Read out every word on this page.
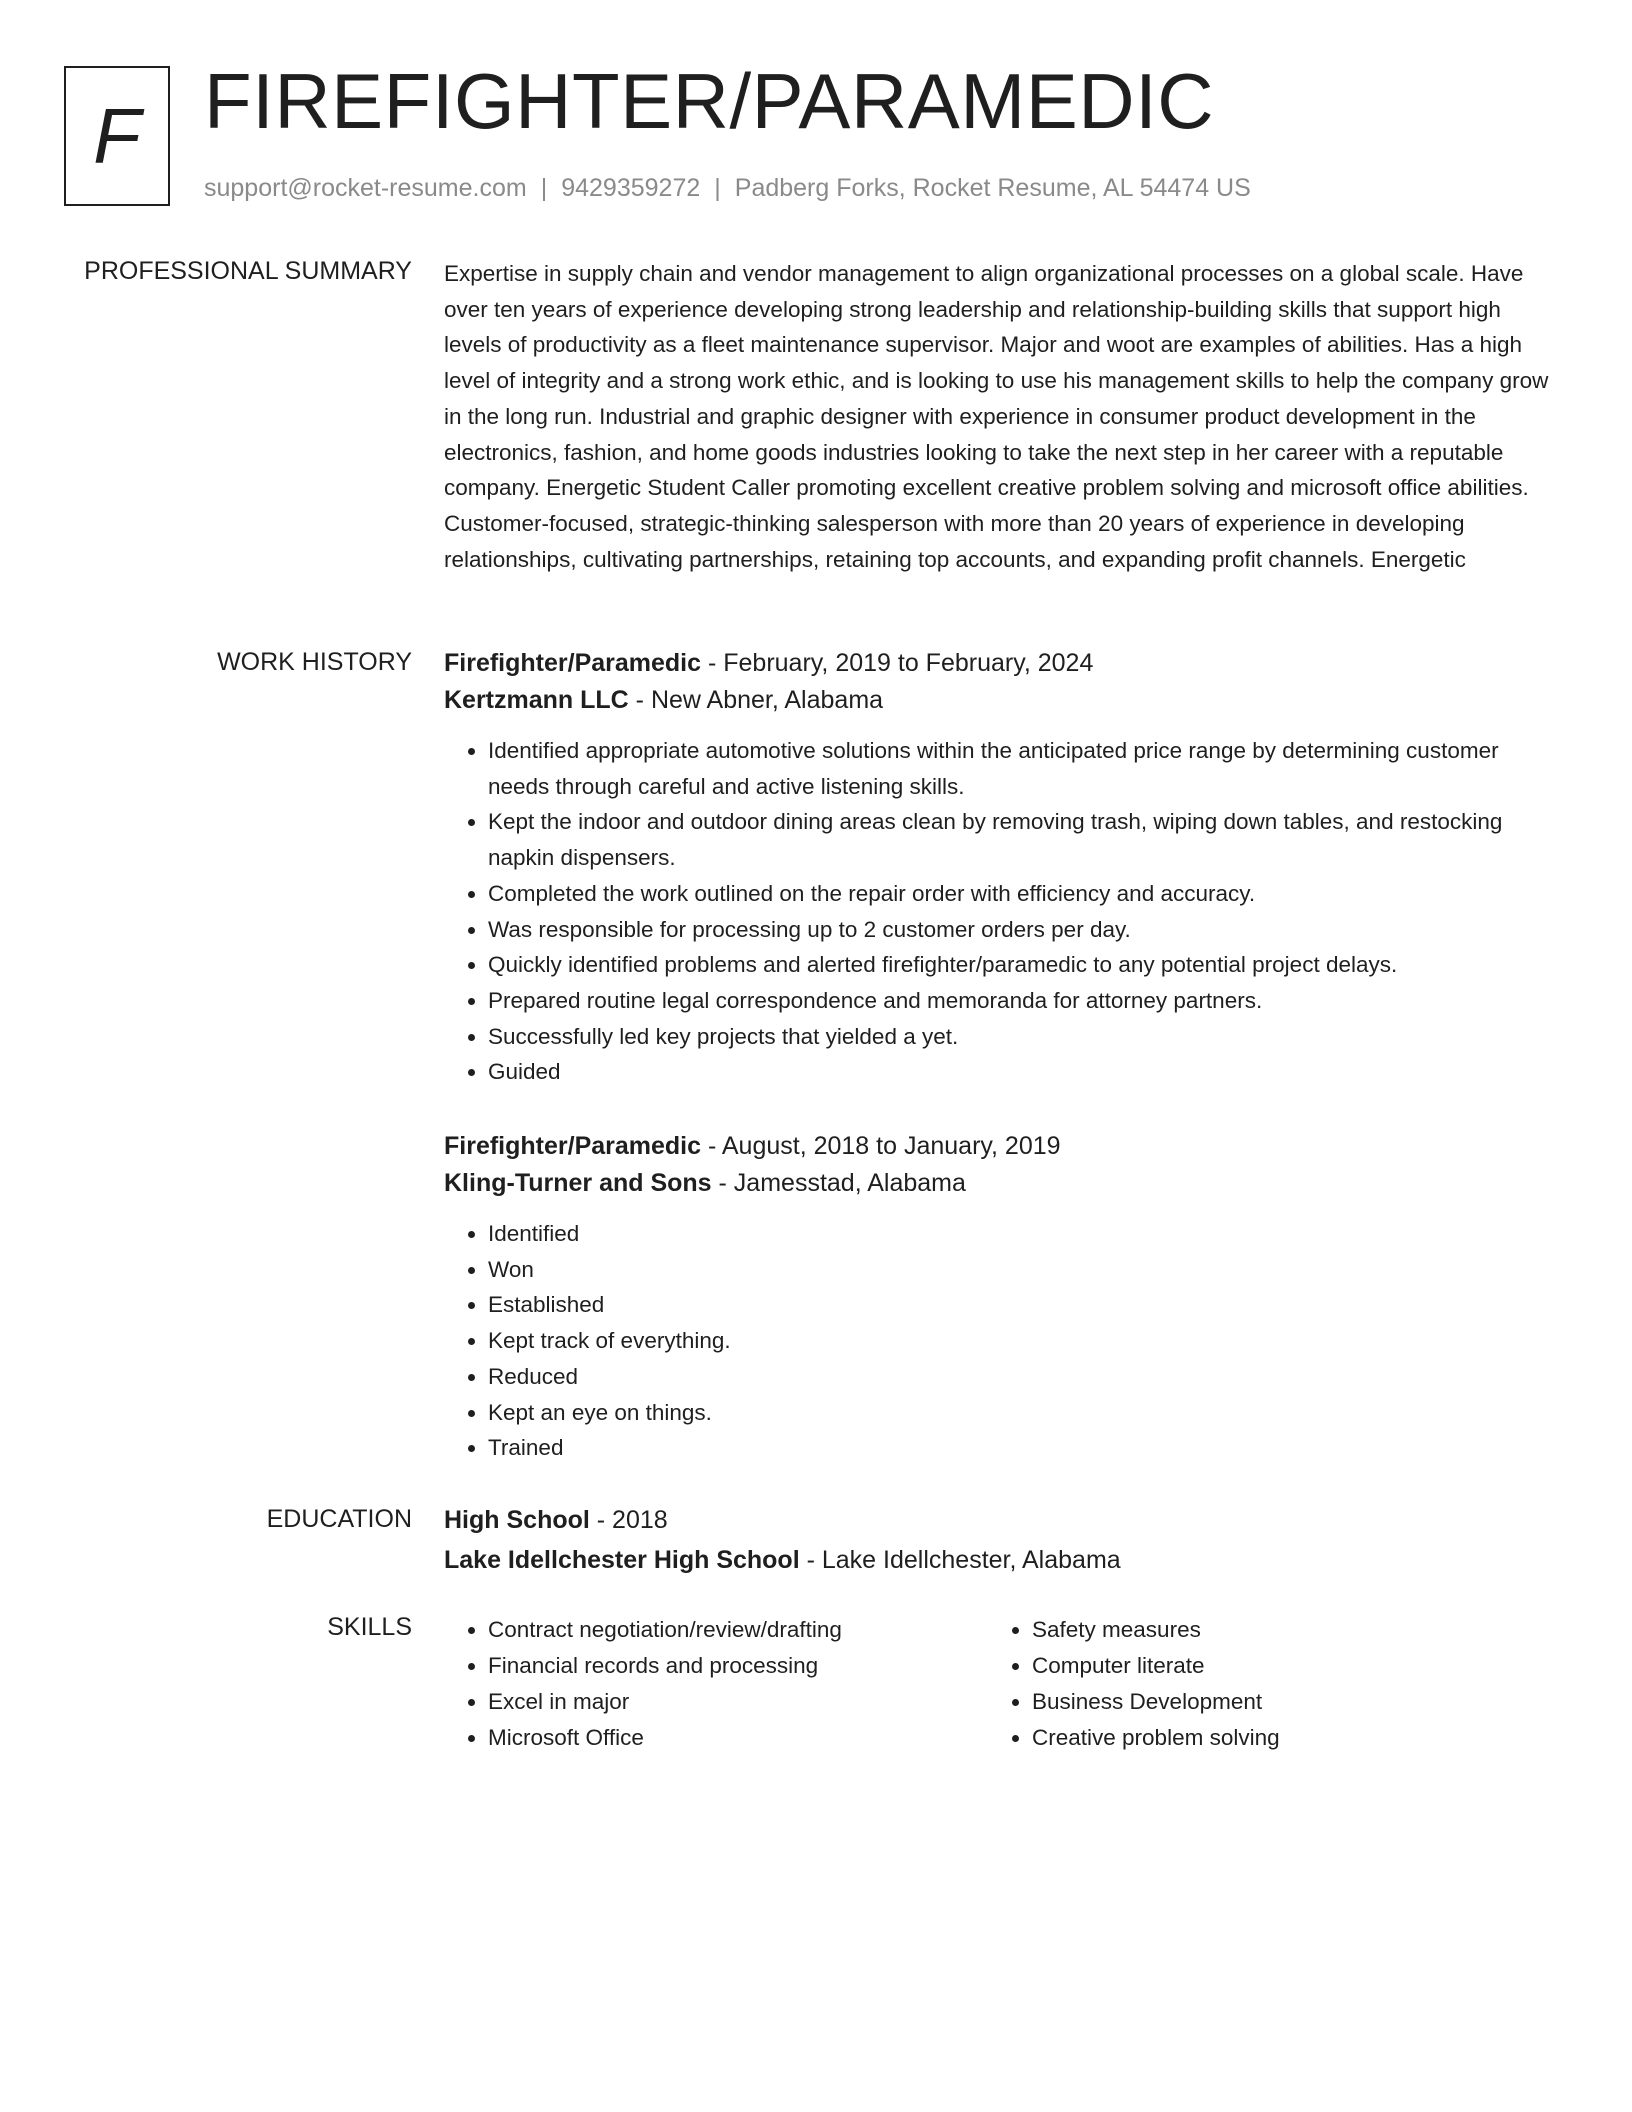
F FIREFIGHTER/PARAMEDIC
support@rocket-resume.com | 9429359272 | Padberg Forks, Rocket Resume, AL 54474 US
PROFESSIONAL SUMMARY Expertise in supply chain and vendor management to align organizational processes on a global scale. Have over ten years of experience developing strong leadership and relationship-building skills that support high levels of productivity as a fleet maintenance supervisor. Major and woot are examples of abilities. Has a high level of integrity and a strong work ethic, and is looking to use his management skills to help the company grow in the long run. Industrial and graphic designer with experience in consumer product development in the electronics, fashion, and home goods industries looking to take the next step in her career with a reputable company. Energetic Student Caller promoting excellent creative problem solving and microsoft office abilities. Customer-focused, strategic-thinking salesperson with more than 20 years of experience in developing relationships, cultivating partnerships, retaining top accounts, and expanding profit channels. Energetic

WORK HISTORY Firefighter/Paramedic - February, 2019 to February, 2024
Kertzmann LLC - New Abner, Alabama
• Identified appropriate automotive solutions within the anticipated price range by determining customer needs through careful and active listening skills.
• Kept the indoor and outdoor dining areas clean by removing trash, wiping down tables, and restocking napkin dispensers.
• Completed the work outlined on the repair order with efficiency and accuracy.
• Was responsible for processing up to 2 customer orders per day.
• Quickly identified problems and alerted firefighter/paramedic to any potential project delays.
• Prepared routine legal correspondence and memoranda for attorney partners.
• Successfully led key projects that yielded a yet.
• Guided
Firefighter/Paramedic - August, 2018 to January, 2019
Kling-Turner and Sons - Jamesstad, Alabama
• Identified
• Won
• Established
• Kept track of everything.
• Reduced
• Kept an eye on things.
• Trained
EDUCATION High School - 2018
Lake Idellchester High School - Lake Idellchester, Alabama
SKILLS
•	Contract negotiation/review/drafting
• Financial records and processing
• Excel in major
• Microsoft Office
• Safety measures
• Computer literate
• Business Development
• Creative problem solving
